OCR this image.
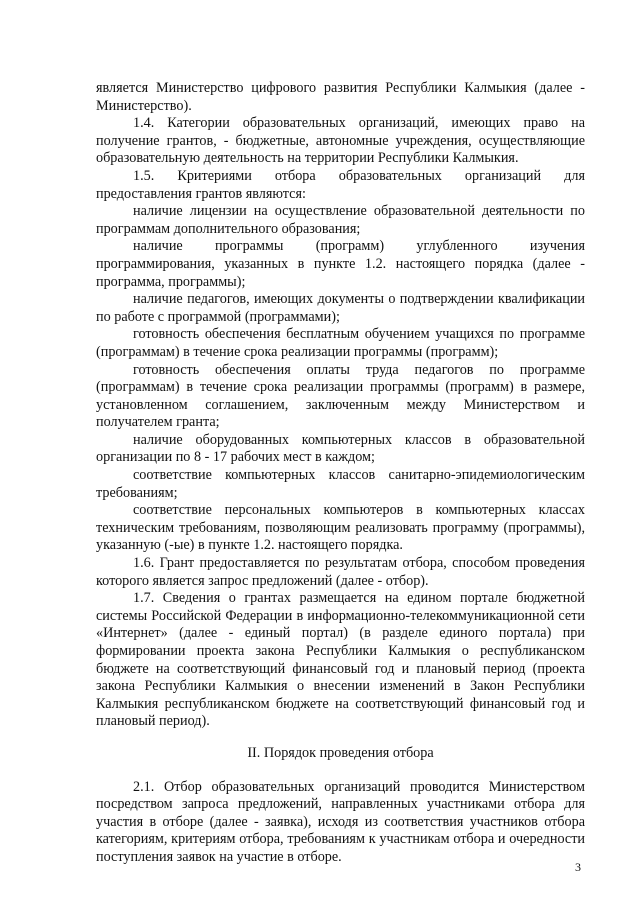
является Министерство цифрового развития Республики Калмыкия (далее - Министерство).

1.4. Категории образовательных организаций, имеющих право на получение грантов, - бюджетные, автономные учреждения, осуществляющие образовательную деятельность на территории Республики Калмыкия.

1.5. Критериями отбора образовательных организаций для предоставления грантов являются:

наличие лицензии на осуществление образовательной деятельности по программам дополнительного образования;

наличие программы (программ) углубленного изучения программирования, указанных в пункте 1.2. настоящего порядка (далее - программа, программы);

наличие педагогов, имеющих документы о подтверждении квалификации по работе с программой (программами);

готовность обеспечения бесплатным обучением учащихся по программе (программам) в течение срока реализации программы (программ);

готовность обеспечения оплаты труда педагогов по программе (программам) в течение срока реализации программы (программ) в размере, установленном соглашением, заключенным между Министерством и получателем гранта;

наличие оборудованных компьютерных классов в образовательной организации по 8 - 17 рабочих мест в каждом;

соответствие компьютерных классов санитарно-эпидемиологическим требованиям;

соответствие персональных компьютеров в компьютерных классах техническим требованиям, позволяющим реализовать программу (программы), указанную (-ые) в пункте 1.2. настоящего порядка.

1.6. Грант предоставляется по результатам отбора, способом проведения которого является запрос предложений (далее - отбор).

1.7. Сведения о грантах размещается на едином портале бюджетной системы Российской Федерации в информационно-телекоммуникационной сети «Интернет» (далее - единый портал) (в разделе единого портала) при формировании проекта закона Республики Калмыкия о республиканском бюджете на соответствующий финансовый год и плановый период (проекта закона Республики Калмыкия о внесении изменений в Закон Республики Калмыкия республиканском бюджете на соответствующий финансовый год и плановый период).

II. Порядок проведения отбора

2.1. Отбор образовательных организаций проводится Министерством посредством запроса предложений, направленных участниками отбора для участия в отборе (далее - заявка), исходя из соответствия участников отбора категориям, критериям отбора, требованиям к участникам отбора и очередности поступления заявок на участие в отборе.

3
